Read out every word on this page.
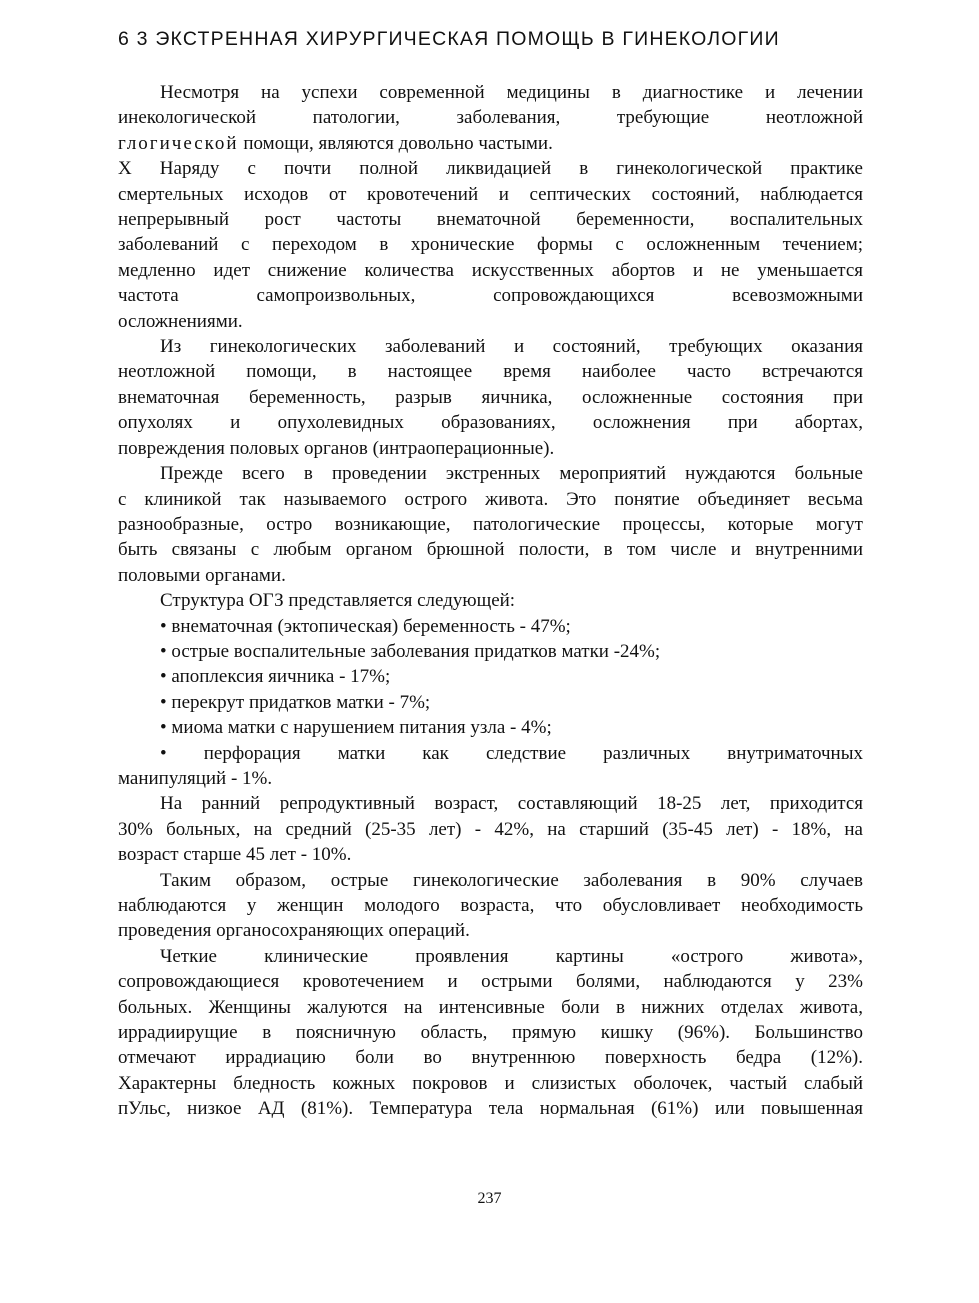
6 3 ЭКСТРЕННАЯ ХИРУРГИЧЕСКАЯ ПОМОЩЬ В ГИНЕКОЛОГИИ
Несмотря на успехи современной медицины в диагностике и лечении
инекологической патологии, заболевания, требующие неотложной
глогической помощи, являются довольно частыми.
X Наряду с почти полной ликвидацией в гинекологической практике
смертельных исходов от кровотечений и септических состояний, наблюдается
непрерывный рост частоты внематочной беременности, воспалительных
заболеваний с переходом в хронические формы с осложненным течением;
медленно идет снижение количества искусственных абортов и не уменьшается
частота самопроизвольных, сопровождающихся всевозможными
осложнениями.
Из гинекологических заболеваний и состояний, требующих оказания
неотложной помощи, в настоящее время наиболее часто встречаются
внематочная беременность, разрыв яичника, осложненные состояния при
опухолях и опухолевидных образованиях, осложнения при абортах,
повреждения половых органов (интраоперационные).
Прежде всего в проведении экстренных мероприятий нуждаются больные
с клиникой так называемого острого живота. Это понятие объединяет весьма
разнообразные, остро возникающие, патологические процессы, которые могут
быть связаны с любым органом брюшной полости, в том числе и внутренними
половыми органами.
Структура ОГЗ представляется следующей:
• внематочная (эктопическая) беременность - 47%;
• острые воспалительные заболевания придатков матки -24%;
• апоплексия яичника - 17%;
• перекрут придатков матки - 7%;
• миома матки с нарушением питания узла - 4%;
• перфорация матки как следствие различных внутриматочных
манипуляций - 1%.
На ранний репродуктивный возраст, составляющий 18-25 лет, приходится
30% больных, на средний (25-35 лет) - 42%, на старший (35-45 лет) - 18%, на
возраст старше 45 лет - 10%.
Таким образом, острые гинекологические заболевания в 90% случаев
наблюдаются у женщин молодого возраста, что обусловливает необходимость
проведения органосохраняющих операций.
Четкие клинические проявления картины «острого живота»,
сопровождающиеся кровотечением и острыми болями, наблюдаются у 23%
больных. Женщины жалуются на интенсивные боли в нижних отделах живота,
иррадиирущие в поясничную область, прямую кишку (96%). Большинство
отмечают иррадиацию боли во внутреннюю поверхность бедра (12%).
Характерны бледность кожных покровов и слизистых оболочек, частый слабый
пУльс, низкое АД (81%). Температура тела нормальная (61%) или повышенная
237
